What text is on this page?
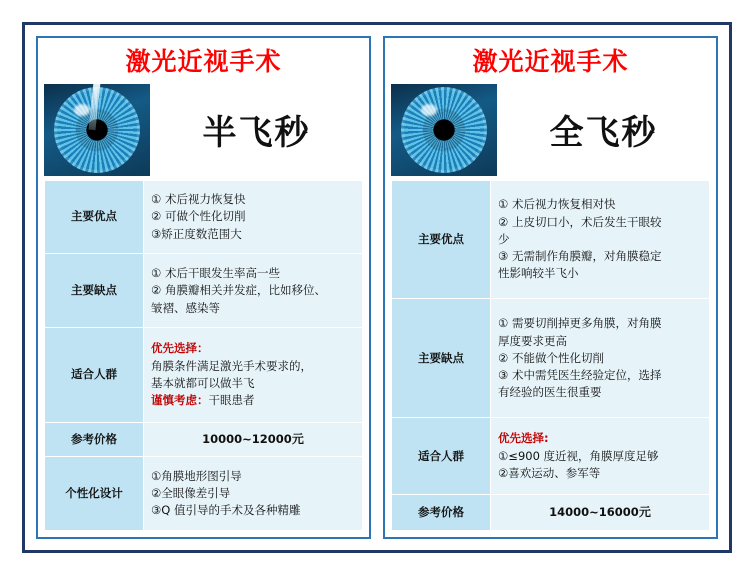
激光近视手术
半飞秒
主要优点	① 术后视力恢复快
② 可做个性化切削
③矫正度数范围大

主要缺点	① 术后干眼发生率高一些
② 角膜瓣相关并发症，比如移位、
皱褶、感染等

适合人群	优先选择：
角膜条件满足激光手术要求的，
基本就都可以做半飞
谨慎考虑：干眼患者

参考价格	10000~12000元
个性化设计	①角膜地形图引导
②全眼像差引导
③Q 值引导的手术及各种精雕
激光近视手术
全飞秒
主要优点	① 术后视力恢复相对快
② 上皮切口小，术后发生干眼较
少
③ 无需制作角膜瓣，对角膜稳定
性影响较半飞小

主要缺点	① 需要切削掉更多角膜，对角膜
厚度要求更高
② 不能做个性化切削
③ 术中需凭医生经验定位，选择
有经验的医生很重要

适合人群	优先选择:
①≤900 度近视，角膜厚度足够
②喜欢运动、参军等

参考价格	14000~16000元
